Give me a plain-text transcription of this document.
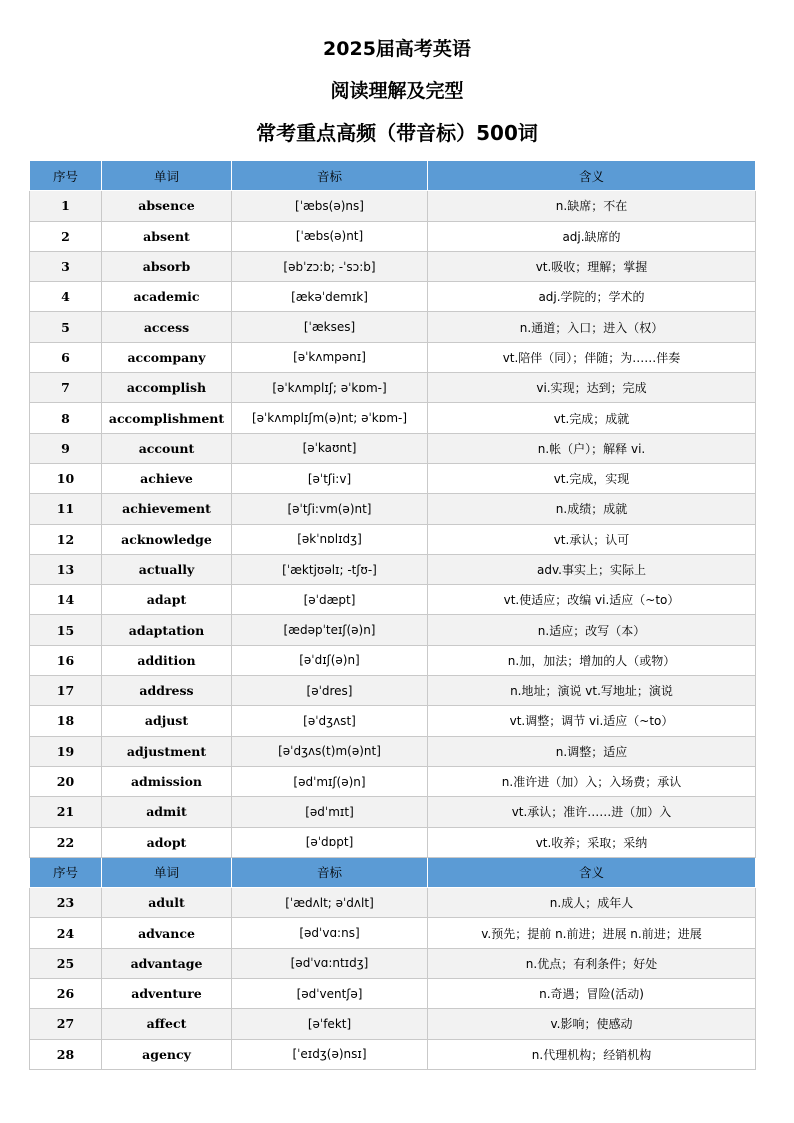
2025届高考英语
阅读理解及完型
常考重点高频（带音标）500词
序号	单词	音标	含义
1	absence	[ˈæbs(ə)ns]	n.缺席；不在
2	absent	[ˈæbs(ə)nt]	adj.缺席的
3	absorb	[əbˈzɔ:b; -ˈsɔ:b]	vt.吸收；理解；掌握
4	academic	[ækəˈdemɪk]	adj.学院的；学术的
5	access	[ˈækses]	n.通道；入口；进入（权）
6	accompany	[əˈkʌmpənɪ]	vt.陪伴（同）；伴随；为……伴奏
7	accomplish	[əˈkʌmplɪʃ; əˈkɒm-]	vi.实现；达到；完成
8	accomplishment	[əˈkʌmplɪʃm(ə)nt; əˈkɒm-]	vt.完成；成就
9	account	[əˈkaʊnt]	n.帐（户）；解释 vi.
10	achieve	[əˈtʃi:v]	vt.完成，实现
11	achievement	[əˈtʃi:vm(ə)nt]	n.成绩；成就
12	acknowledge	[əkˈnɒlɪdʒ]	vt.承认；认可
13	actually	[ˈæktjʊəlɪ; -tʃʊ-]	adv.事实上；实际上
14	adapt	[əˈdæpt]	vt.使适应；改编 vi.适应（~to）
15	adaptation	[ædəpˈteɪʃ(ə)n]	n.适应；改写（本）
16	addition	[əˈdɪʃ(ə)n]	n.加，加法；增加的人（或物）
17	address	[əˈdres]	n.地址；演说 vt.写地址；演说
18	adjust	[əˈdʒʌst]	vt.调整；调节 vi.适应（~to）
19	adjustment	[əˈdʒʌs(t)m(ə)nt]	n.调整；适应
20	admission	[ədˈmɪʃ(ə)n]	n.准许进（加）入；入场费；承认
21	admit	[ədˈmɪt]	vt.承认；准许……进（加）入
22	adopt	[əˈdɒpt]	vt.收养；采取；采纳
序号	单词	音标	含义
23	adult	[ˈædʌlt; əˈdʌlt]	n.成人；成年人
24	advance	[ədˈvɑ:ns]	v.预先；提前 n.前进；进展 n.前进；进展
25	advantage	[ədˈvɑ:ntɪdʒ]	n.优点；有利条件；好处
26	adventure	[ədˈventʃə]	n.奇遇；冒险(活动)
27	affect	[əˈfekt]	v.影响；使感动
28	agency	[ˈeɪdʒ(ə)nsɪ]	n.代理机构；经销机构
